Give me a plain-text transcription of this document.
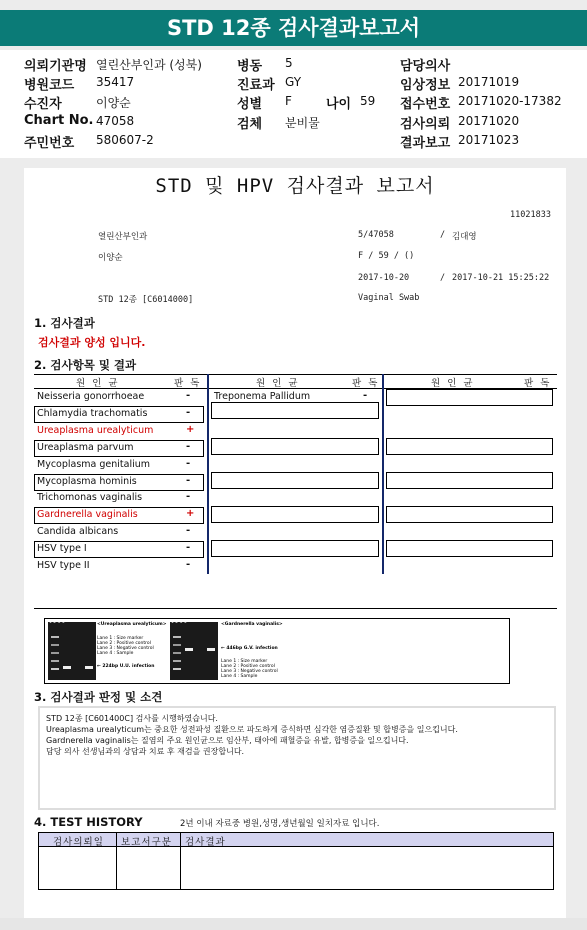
STD 12종 검사결과보고서
의뢰기관명 열린산부인과 (성북)
병원코드 35417
수진자	이양순
Chart No. 47058
주민번호 580607-2
병동 5
진료과 GY
성별 F	나이 59
검체 분비물
담당의사
임상정보 20171019
접수번호 20171020-17382
검사의뢰 20171020
결과보고 20171023
STD 및 HPV 검사결과 보고서
11021833
열린산부인과	5/47058	/ 김대영
이양순	F / 59 / ()
2017-10-20	/ 2017-10-21 15:25:22
STD 12종 [C6014000]	Vaginal Swab
1. 검사결과
검사결과 양성 입니다.
2. 검사항목 및 결과
원 인 균	판 독	원 인 균	판 독	원 인 균	판 독
Neisseria gonorrhoeae	-
Chlamydia trachomatis	-
Ureaplasma urealyticum	+
Ureaplasma parvum	-
Mycoplasma genitalium	-
Mycoplasma hominis	-
Trichomonas vaginalis	-
Gardnerella vaginalis	+
Candida albicans	-
HSV type I	-
HSV type II	-
Treponema Pallidum	-
1 2 3 4	<Ureaplasma urealyticum>
Lane 1 : Size marker
Lane 2 : Positive control
Lane 3 : Negative control
Lane 4 : Sample
← 224bp U.U. infection
1 2 3 4	<Gardnerella vaginalis>
← 446bp G.V. infection
Lane 1 : Size marker
Lane 2 : Positive control
Lane 3 : Negative control
Lane 4 : Sample
3. 검사결과 판정 및 소견
STD 12종 [C601400C] 검사를 시행하였습니다.
Ureaplasma urealyticum는 중요한 성전파성 질환으로 파도하게 증식하면 심각한 염증질환 및 합병증을 일으킵니다.
Gardnerella vaginalis는 질염의 주요 원인균으로 임산부, 태아에 패혈증을 유발, 합병증을 일으킵니다.
담당 의사 선생님과의 상담과 치료 후 재검을 권장합니다.
4. TEST HISTORY	2년 이내 자료중 병원,성명,생년월일 일치자료 입니다.
검사의뢰일 보고서구분 검사결과
